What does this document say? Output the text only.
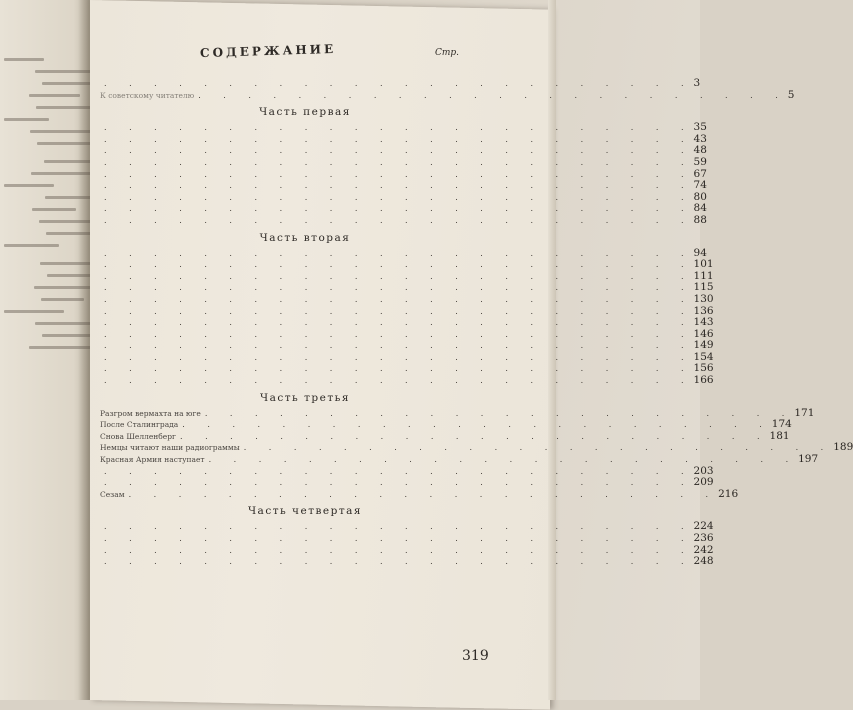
СОДЕРЖАНИЕ	Стр.
. . . . . . . . . . . . . . . . . . . . . . . . 3
К советскому читателю . . . . . . . . . . . . . . . . . . . . . . . . 5
Часть первая
. . . . . . . . . . . . . . . . . . . . . . . . 35
. . . . . . . . . . . . . . . . . . . . . . . . 43
. . . . . . . . . . . . . . . . . . . . . . . . 48
. . . . . . . . . . . . . . . . . . . . . . . . 59
. . . . . . . . . . . . . . . . . . . . . . . . 67
. . . . . . . . . . . . . . . . . . . . . . . . 74
. . . . . . . . . . . . . . . . . . . . . . . . 80
. . . . . . . . . . . . . . . . . . . . . . . . 84
. . . . . . . . . . . . . . . . . . . . . . . . 88
Часть вторая
. . . . . . . . . . . . . . . . . . . . . . . . 94
. . . . . . . . . . . . . . . . . . . . . . . . 101
. . . . . . . . . . . . . . . . . . . . . . . . 111
. . . . . . . . . . . . . . . . . . . . . . . . 115
. . . . . . . . . . . . . . . . . . . . . . . . 130
. . . . . . . . . . . . . . . . . . . . . . . . 136
. . . . . . . . . . . . . . . . . . . . . . . . 143
. . . . . . . . . . . . . . . . . . . . . . . . 146
. . . . . . . . . . . . . . . . . . . . . . . . 149
. . . . . . . . . . . . . . . . . . . . . . . . 154
. . . . . . . . . . . . . . . . . . . . . . . . 156
. . . . . . . . . . . . . . . . . . . . . . . . 166
Часть третья
Разгром вермахта на юге . . . . . . . . . . . . . . . . . . . . . . . . 171
После Сталинграда . . . . . . . . . . . . . . . . . . . . . . . . 174
Снова Шелленберг . . . . . . . . . . . . . . . . . . . . . . . . 181
Немцы читают наши радиограммы . . . . . . . . . . . . . . . . . . . . . . . . 189
Красная Армия наступает . . . . . . . . . . . . . . . . . . . . . . . . 197
. . . . . . . . . . . . . . . . . . . . . . . . 203
. . . . . . . . . . . . . . . . . . . . . . . . 209
Сезам . . . . . . . . . . . . . . . . . . . . . . . . 216
Часть четвертая
. . . . . . . . . . . . . . . . . . . . . . . . 224
. . . . . . . . . . . . . . . . . . . . . . . . 236
. . . . . . . . . . . . . . . . . . . . . . . . 242
. . . . . . . . . . . . . . . . . . . . . . . . 248
319
